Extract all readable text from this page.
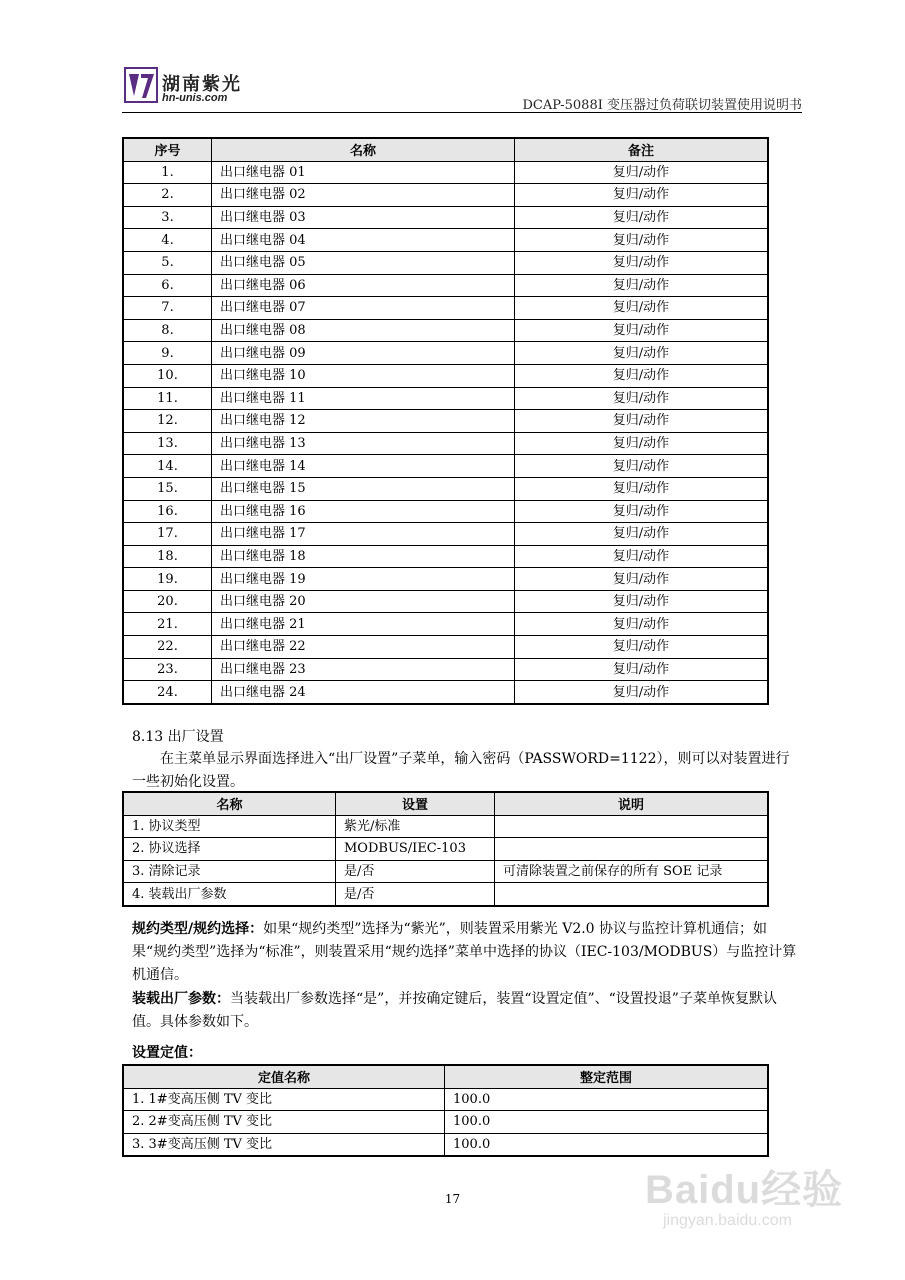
湖南紫光
hn-unis.com	DCAP-5088I 变压器过负荷联切装置使用说明书
序号	名称	备注
1.	出口继电器 01	复归/动作
2.	出口继电器 02	复归/动作
3.	出口继电器 03	复归/动作
4.	出口继电器 04	复归/动作
5.	出口继电器 05	复归/动作
6.	出口继电器 06	复归/动作
7.	出口继电器 07	复归/动作
8.	出口继电器 08	复归/动作
9.	出口继电器 09	复归/动作
10.	出口继电器 10	复归/动作
11.	出口继电器 11	复归/动作
12.	出口继电器 12	复归/动作
13.	出口继电器 13	复归/动作
14.	出口继电器 14	复归/动作
15.	出口继电器 15	复归/动作
16.	出口继电器 16	复归/动作
17.	出口继电器 17	复归/动作
18.	出口继电器 18	复归/动作
19.	出口继电器 19	复归/动作
20.	出口继电器 20	复归/动作
21.	出口继电器 21	复归/动作
22.	出口继电器 22	复归/动作
23.	出口继电器 23	复归/动作
24.	出口继电器 24	复归/动作
8.13 出厂设置
在主菜单显示界面选择进入“出厂设置”子菜单，输入密码（PASSWORD=1122），则可以对装置进行一些初始化设置。
名称	设置	说明
1. 协议类型	紫光/标准	
2. 协议选择	MODBUS/IEC-103	
3. 清除记录	是/否	可清除装置之前保存的所有 SOE 记录
4. 装载出厂参数	是/否	
规约类型/规约选择：如果“规约类型”选择为“紫光”，则装置采用紫光 V2.0 协议与监控计算机通信；如果“规约类型”选择为“标准”，则装置采用“规约选择”菜单中选择的协议（IEC-103/MODBUS）与监控计算机通信。
装载出厂参数：当装载出厂参数选择“是”，并按确定键后，装置“设置定值”、“设置投退”子菜单恢复默认值。具体参数如下。
设置定值：
定值名称	整定范围
1. 1#变高压侧 TV 变比	100.0
2. 2#变高压侧 TV 变比	100.0
3. 3#变高压侧 TV 变比	100.0
17	Baidu经验
jingyan.baidu.com
